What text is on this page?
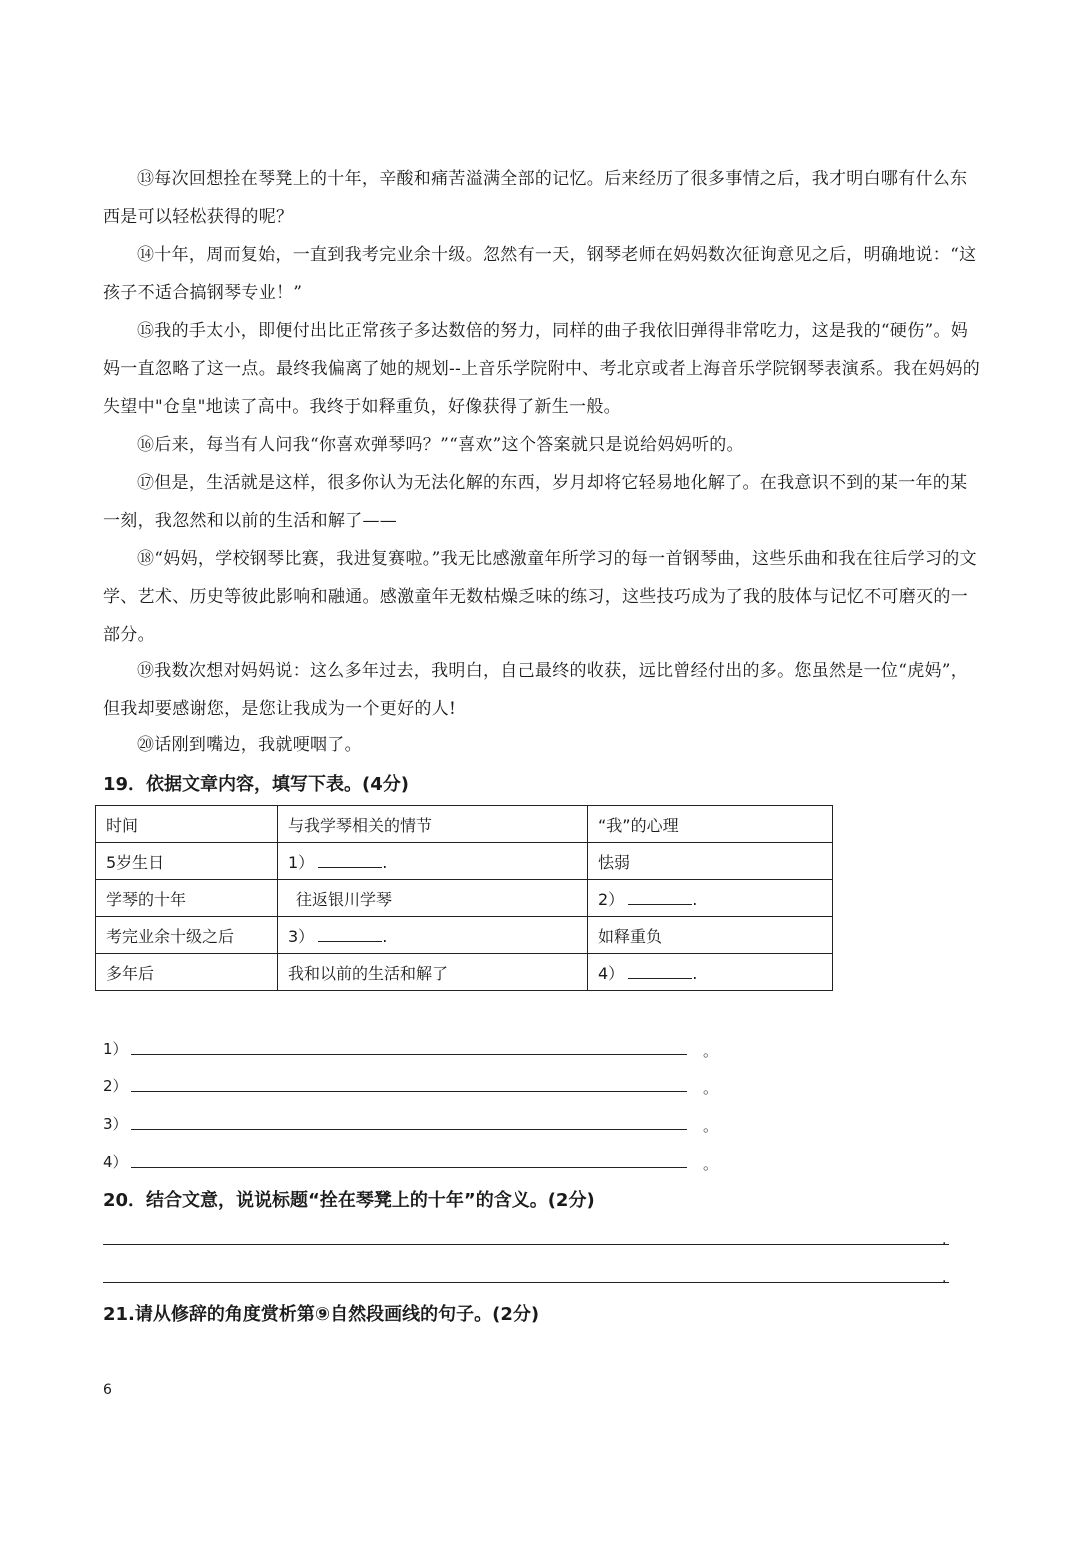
⑬每次回想拴在琴凳上的十年，辛酸和痛苦溢满全部的记忆。后来经历了很多事情之后，我才明白哪有什么东西是可以轻松获得的呢？

⑭十年，周而复始，一直到我考完业余十级。忽然有一天，钢琴老师在妈妈数次征询意见之后，明确地说：“这孩子不适合搞钢琴专业！”

⑮我的手太小，即便付出比正常孩子多达数倍的努力，同样的曲子我依旧弹得非常吃力，这是我的“硬伤”。妈妈一直忽略了这一点。最终我偏离了她的规划--上音乐学院附中、考北京或者上海音乐学院钢琴表演系。我在妈妈的失望中"仓皇"地读了高中。我终于如释重负，好像获得了新生一般。

⑯后来，每当有人问我“你喜欢弹琴吗？”“喜欢”这个答案就只是说给妈妈听的。

⑰但是，生活就是这样，很多你认为无法化解的东西，岁月却将它轻易地化解了。在我意识不到的某一年的某一刻，我忽然和以前的生活和解了——

⑱“妈妈，学校钢琴比赛，我进复赛啦。”我无比感激童年所学习的每一首钢琴曲，这些乐曲和我在往后学习的文学、艺术、历史等彼此影响和融通。感激童年无数枯燥乏味的练习，这些技巧成为了我的肢体与记忆不可磨灭的一部分。

⑲我数次想对妈妈说：这么多年过去，我明白，自己最终的收获，远比曾经付出的多。您虽然是一位“虎妈”，但我却要感谢您，是您让我成为一个更好的人!

⑳话刚到嘴边，我就哽咽了。

19．依据文章内容，填写下表。(4分)

时间	与我学琴相关的情节	“我”的心理
5岁生日	1） .	怯弱
学琴的十年	往返银川学琴	2） .
考完业余十级之后	3） .	如释重负
多年后	我和以前的生活和解了	4） .
1）	。
2）	。
3）	。
4）	。

20．结合文意，说说标题“拴在琴凳上的十年”的含义。(2分)

.
.

21.请从修辞的角度赏析第⑨自然段画线的句子。(2分)

6
